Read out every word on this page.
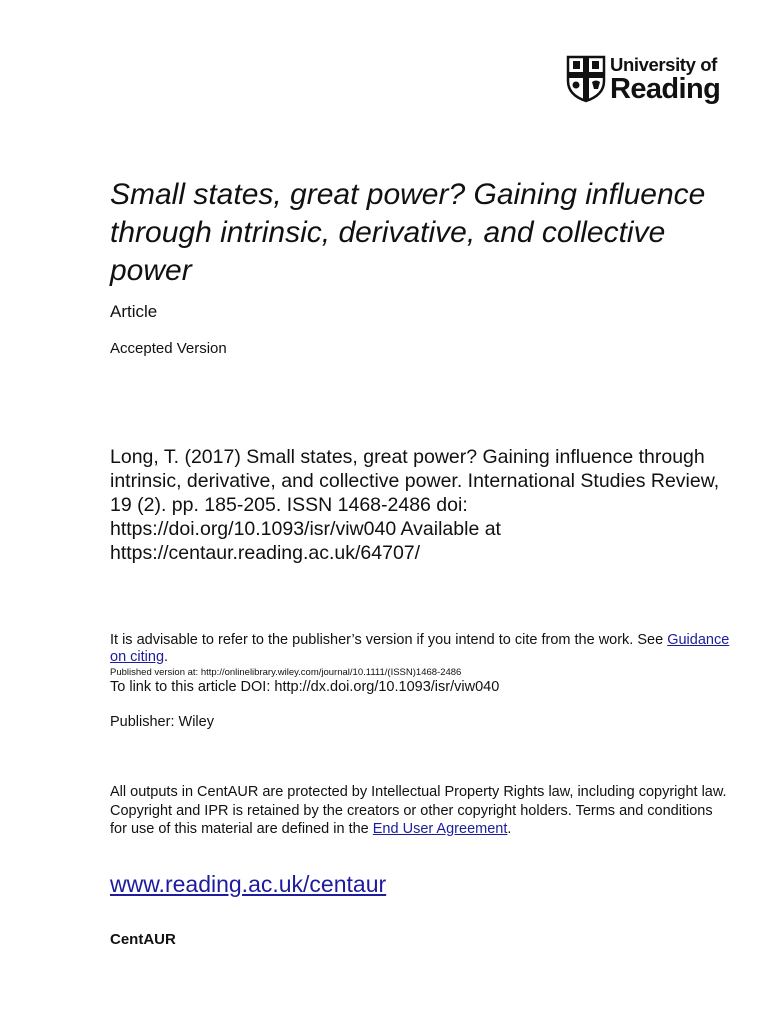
University of
Reading
Small states, great power? Gaining influence through intrinsic, derivative, and collective power
Article
Accepted Version

Long, T. (2017) Small states, great power? Gaining influence through intrinsic, derivative, and collective power. International Studies Review, 19 (2). pp. 185-205. ISSN 1468-2486 doi: https://doi.org/10.1093/isr/viw040 Available at https://centaur.reading.ac.uk/64707/

It is advisable to refer to the publisher’s version if you intend to cite from the work. See Guidance on citing.

Published version at: http://onlinelibrary.wiley.com/journal/10.1111/(ISSN)1468-2486
To link to this article DOI: http://dx.doi.org/10.1093/isr/viw040
Publisher: Wiley

All outputs in CentAUR are protected by Intellectual Property Rights law, including copyright law. Copyright and IPR is retained by the creators or other copyright holders. Terms and conditions for use of this material are defined in the End User Agreement.

www.reading.ac.uk/centaur
CentAUR
